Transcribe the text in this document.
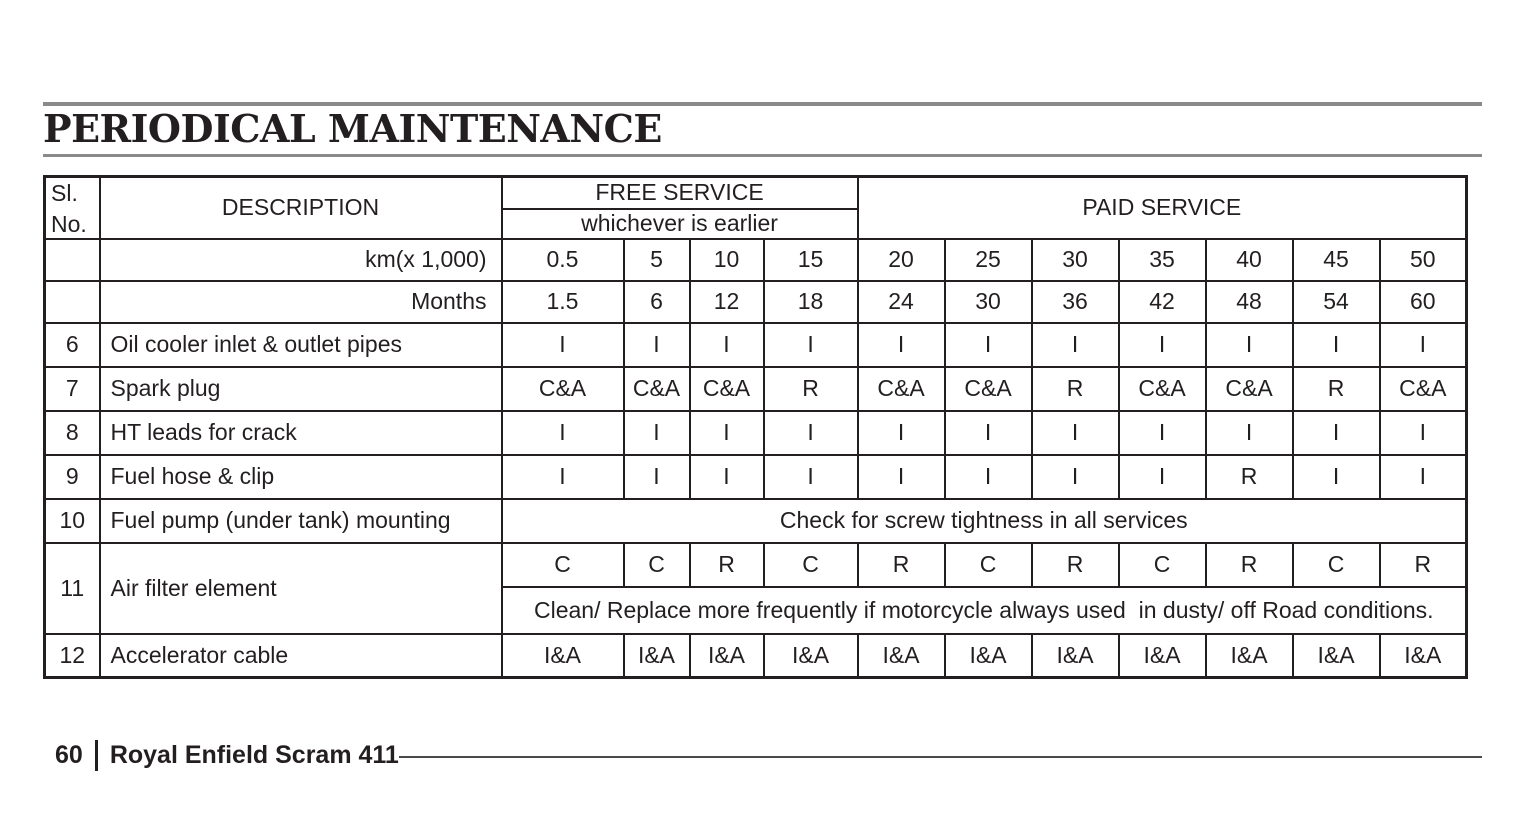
PERIODICAL MAINTENANCE
Sl.
No.	DESCRIPTION	FREE SERVICE				PAID SERVICE						
		whichever is earlier										
	km(x 1,000)	0.5	5	10	15	20	25	30	35	40	45	50
	Months	1.5	6	12	18	24	30	36	42	48	54	60
6	Oil cooler inlet & outlet pipes	I	I	I	I	I	I	I	I	I	I	I
7	Spark plug	C&A	C&A	C&A	R	C&A	C&A	R	C&A	C&A	R	C&A
8	HT leads for crack	I	I	I	I	I	I	I	I	I	I	I
9	Fuel hose & clip	I	I	I	I	I	I	I	I	R	I	I
10	Fuel pump (under tank) mounting	Check for screw tightness in all services										
11	Air filter element	C	C	R	C	R	C	R	C	R	C	R
		Clean/ Replace more frequently if motorcycle always used  in dusty/ off Road conditions.										
12	Accelerator cable	I&A	I&A	I&A	I&A	I&A	I&A	I&A	I&A	I&A	I&A	I&A
60	Royal Enfield Scram 411
